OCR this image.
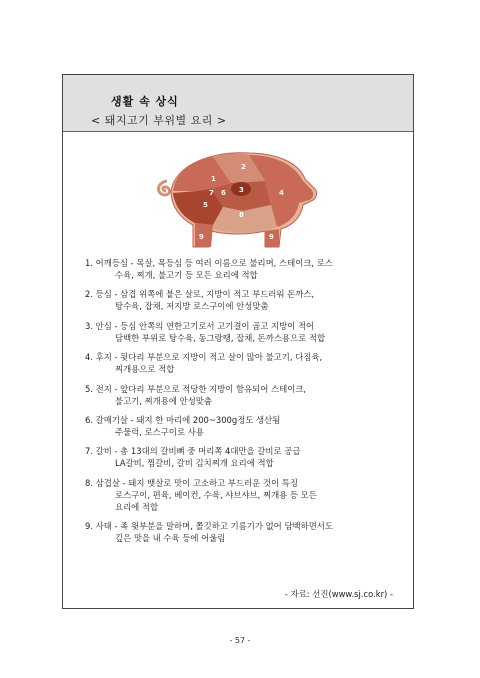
생활 속 상식
< 돼지고기 부위별 요리 >
1
2
3	4
5
6
7
8
9	9
1. 어깨등심 - 목살, 목등심 등 여러 이름으로 불리며, 스테이크, 로스
수육, 찌개, 불고기 등 모든 요리에 적합
2. 등심 - 삼겹 위쪽에 붙은 살로, 지방이 적고 부드러워 돈까스,
탕수육, 잡채, 저지방 로스구이에 안성맞춤
3. 안심 - 등심 안쪽의 연한고기로서 고기결이 곱고 지방이 적어
담백한 부위로 탕수육, 동그랑땡, 잡채, 돈까스용으로 적합
4. 후지 - 뒷다리 부분으로 지방이 적고 살이 많아 불고기, 다짐육,
찌개용으로 적합
5. 전지 - 앞다리 부분으로 적당한 지방이 함유되어 스테이크,
불고기, 찌개용에 안성맞춤
6. 갈매기살 - 돼지 한 마리에 200~300g정도 생산됨
주물럭, 로스구이로 사용
7. 갈비 - 총 13대의 갈비뼈 중 머리쪽 4대만을 갈비로 공급
LA갈비, 찜갈비, 갈비 김치찌개 요리에 적합
8. 삼겹살 - 돼지 뱃살로 맛이 고소하고 부드러운 것이 특징
로스구이, 편육, 베이컨, 수육, 샤브샤브, 찌개용 등 모든
요리에 적합
9. 사태 - 족 윗부분을 말하며, 쫄깃하고 기름기가 없어 담백하면서도
깊은 맛을 내 수육 등에 어울림
- 자료: 선진(www.sj.co.kr) -
- 57 -
